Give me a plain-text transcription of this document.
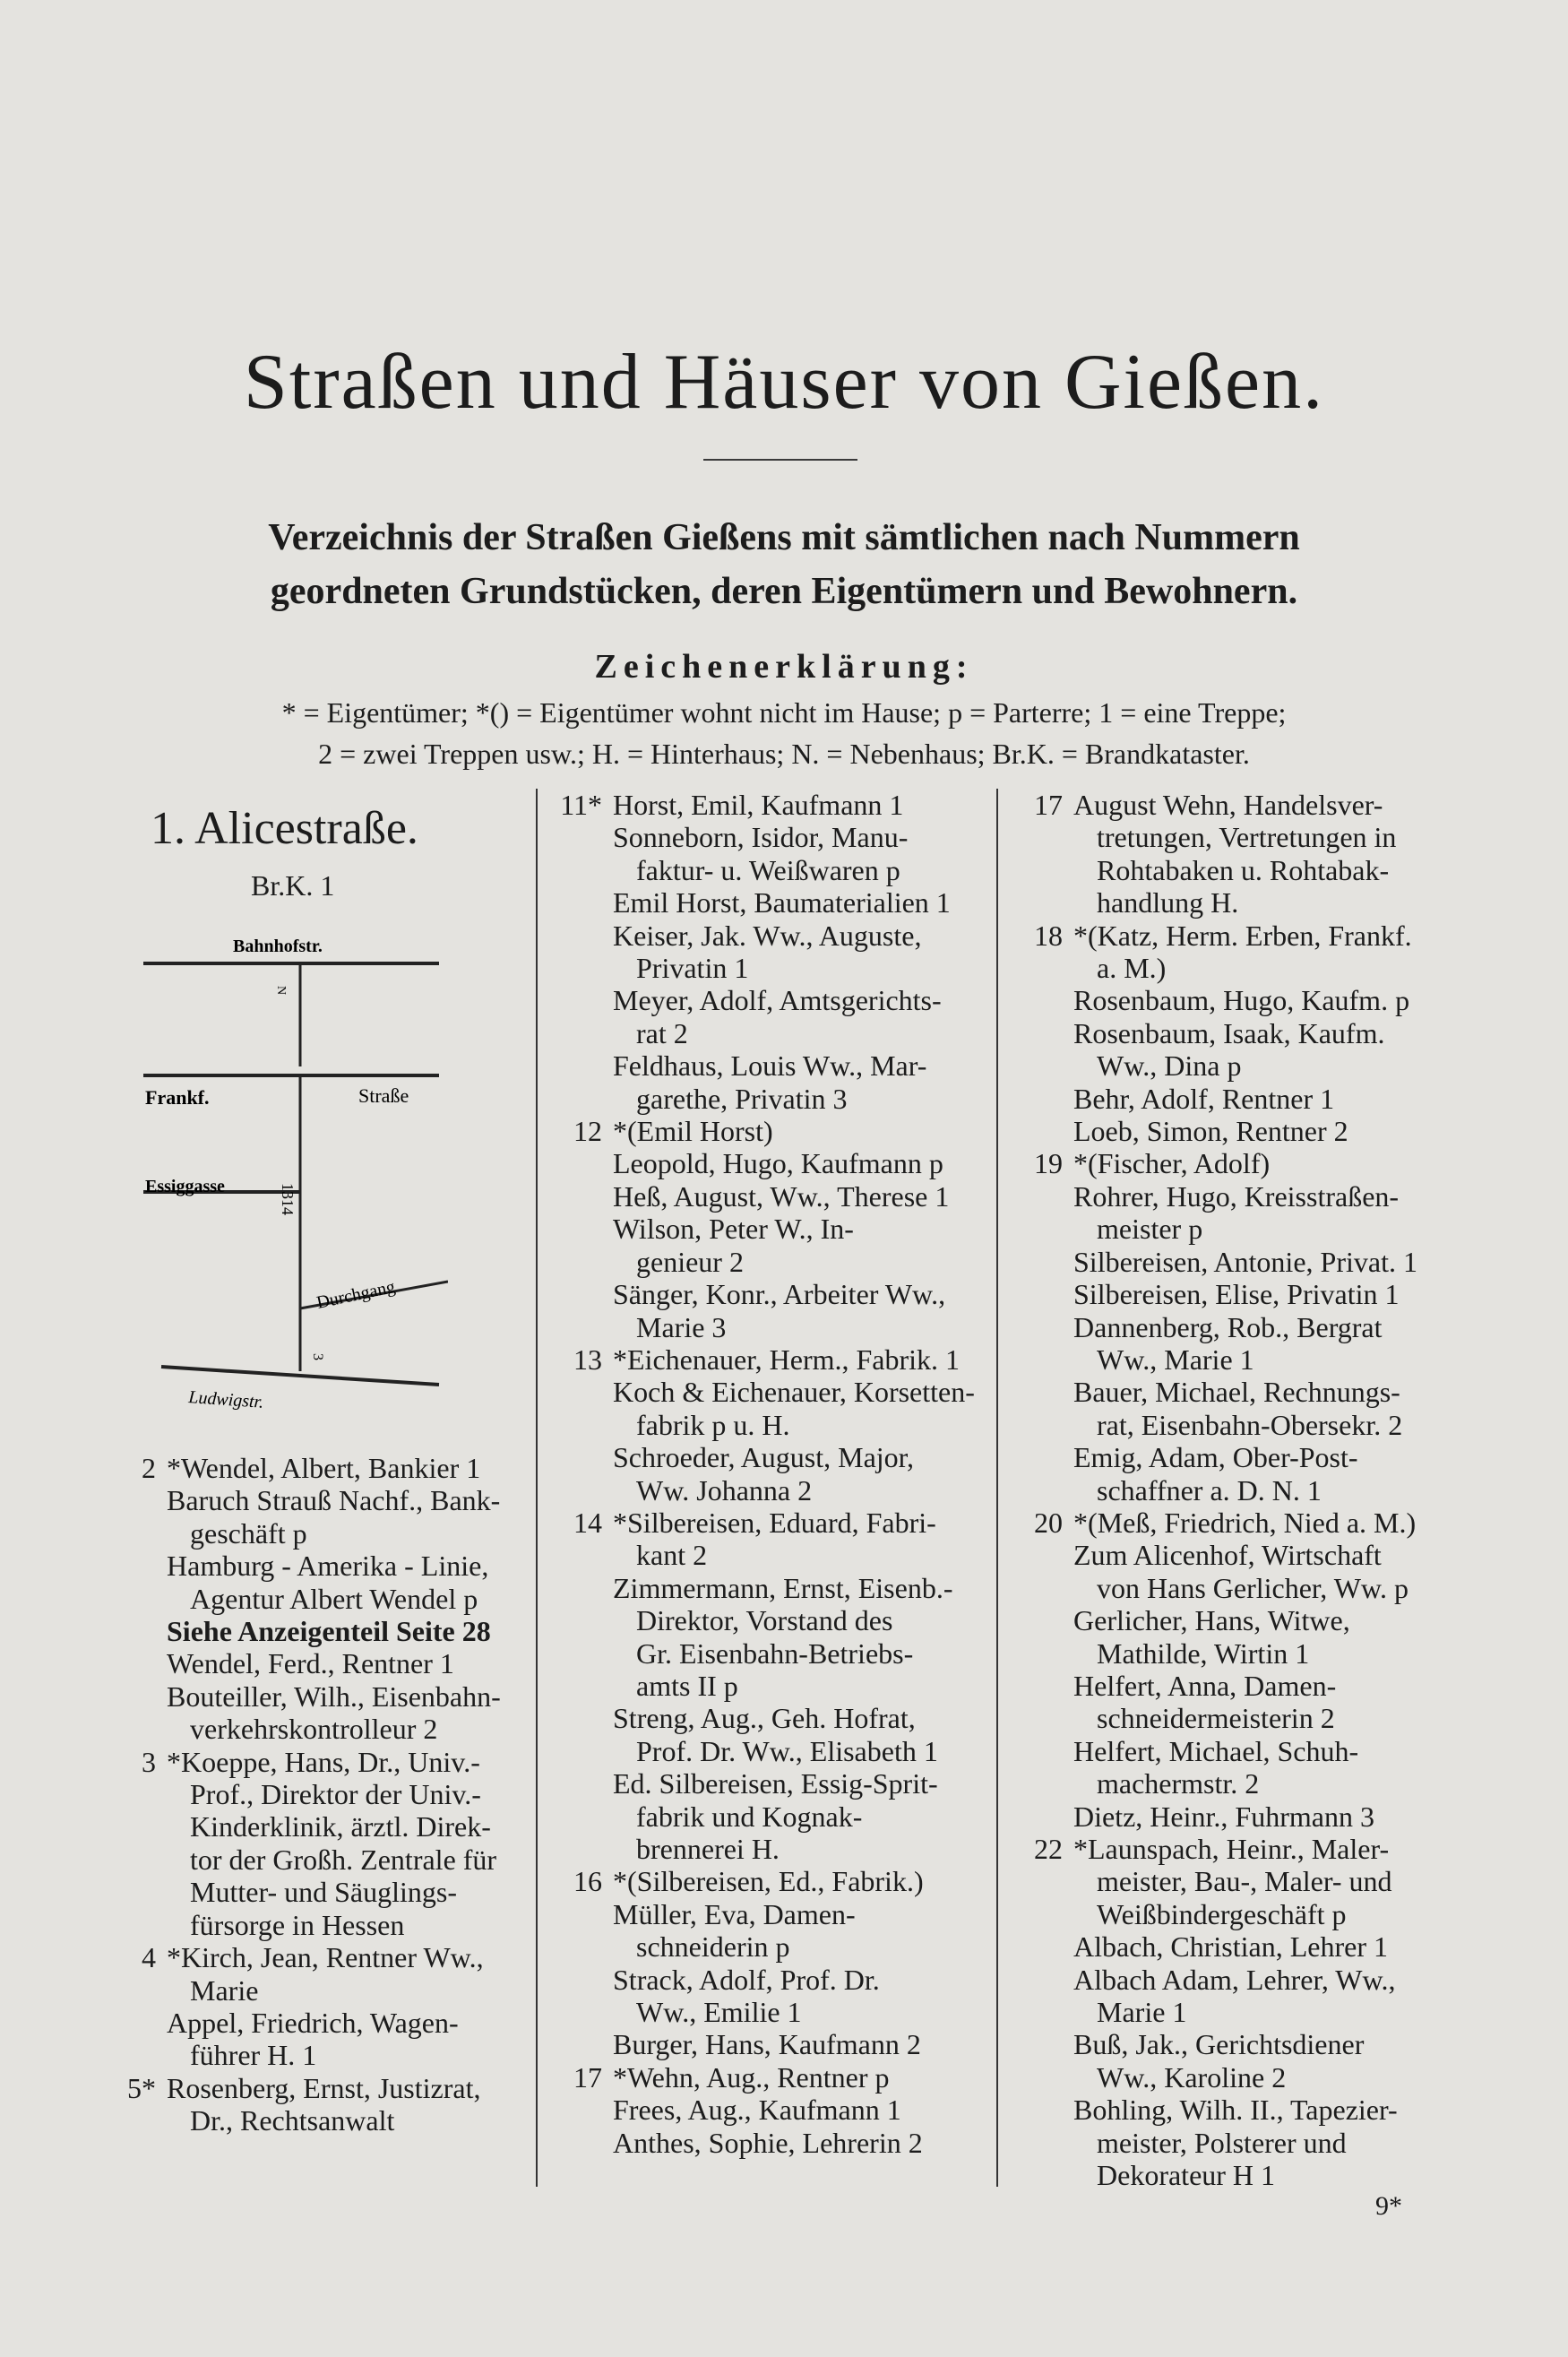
Straßen und Häuser von Gießen.
Verzeichnis der Straßen Gießens mit sämtlichen nach Nummern
geordneten Grundstücken, deren Eigentümern und Bewohnern.
Zeichenerklärung:
* = Eigentümer; *() = Eigentümer wohnt nicht im Hause; p = Parterre; 1 = eine Treppe;
2 = zwei Treppen usw.; H. = Hinterhaus; N. = Nebenhaus; Br.K. = Brandkataster.
1. Alicestraße.
Br.K. 1
Bahnhofstr.
N
Frankf.	Straße
Essiggasse	1314
Durchgang
3
Ludwigstr.
2 *Wendel, Albert, Bankier 1
Baruch Strauß Nachf., Bank-
geschäft p
Hamburg - Amerika - Linie,
Agentur Albert Wendel p
Siehe Anzeigenteil Seite 28
Wendel, Ferd., Rentner 1
Bouteiller, Wilh., Eisenbahn-
verkehrskontrolleur 2
3 *Koeppe, Hans, Dr., Univ.-
Prof., Direktor der Univ.-
Kinderklinik, ärztl. Direk-
tor der Großh. Zentrale für
Mutter- und Säuglings-
fürsorge in Hessen
4 *Kirch, Jean, Rentner Ww.,
Marie
Appel, Friedrich, Wagen-
führer H. 1
5* Rosenberg, Ernst, Justizrat,
Dr., Rechtsanwalt
11* Horst, Emil, Kaufmann 1
Sonneborn, Isidor, Manu-
faktur- u. Weißwaren p
Emil Horst, Baumaterialien 1
Keiser, Jak. Ww., Auguste,
Privatin 1
Meyer, Adolf, Amtsgerichts-
rat 2
Feldhaus, Louis Ww., Mar-
garethe, Privatin 3
12 *(Emil Horst)
Leopold, Hugo, Kaufmann p
Heß, August, Ww., Therese 1
Wilson, Peter W., In-
genieur 2
Sänger, Konr., Arbeiter Ww.,
Marie 3
13 *Eichenauer, Herm., Fabrik. 1
Koch & Eichenauer, Korsetten-
fabrik p u. H.
Schroeder, August, Major,
Ww. Johanna 2
14 *Silbereisen, Eduard, Fabri-
kant 2
Zimmermann, Ernst, Eisenb.-
Direktor, Vorstand des
Gr. Eisenbahn-Betriebs-
amts II p
Streng, Aug., Geh. Hofrat,
Prof. Dr. Ww., Elisabeth 1
Ed. Silbereisen, Essig-Sprit-
fabrik und Kognak-
brennerei H.
16 *(Silbereisen, Ed., Fabrik.)
Müller, Eva, Damen-
schneiderin p
Strack, Adolf, Prof. Dr.
Ww., Emilie 1
Burger, Hans, Kaufmann 2
17 *Wehn, Aug., Rentner p
Frees, Aug., Kaufmann 1
Anthes, Sophie, Lehrerin 2
17 August Wehn, Handelsver-
tretungen, Vertretungen in
Rohtabaken u. Rohtabak-
handlung H.
18 *(Katz, Herm. Erben, Frankf.
a. M.)
Rosenbaum, Hugo, Kaufm. p
Rosenbaum, Isaak, Kaufm.
Ww., Dina p
Behr, Adolf, Rentner 1
Loeb, Simon, Rentner 2
19 *(Fischer, Adolf)
Rohrer, Hugo, Kreisstraßen-
meister p
Silbereisen, Antonie, Privat. 1
Silbereisen, Elise, Privatin 1
Dannenberg, Rob., Bergrat
Ww., Marie 1
Bauer, Michael, Rechnungs-
rat, Eisenbahn-Obersekr. 2
Emig, Adam, Ober-Post-
schaffner a. D. N. 1
20 *(Meß, Friedrich, Nied a. M.)
Zum Alicenhof, Wirtschaft
von Hans Gerlicher, Ww. p
Gerlicher, Hans, Witwe,
Mathilde, Wirtin 1
Helfert, Anna, Damen-
schneidermeisterin 2
Helfert, Michael, Schuh-
machermstr. 2
Dietz, Heinr., Fuhrmann 3
22 *Launspach, Heinr., Maler-
meister, Bau-, Maler- und
Weißbindergeschäft p
Albach, Christian, Lehrer 1
Albach Adam, Lehrer, Ww.,
Marie 1
Buß, Jak., Gerichtsdiener
Ww., Karoline 2
Bohling, Wilh. II., Tapezier-
meister, Polsterer und
Dekorateur H 1
9*
